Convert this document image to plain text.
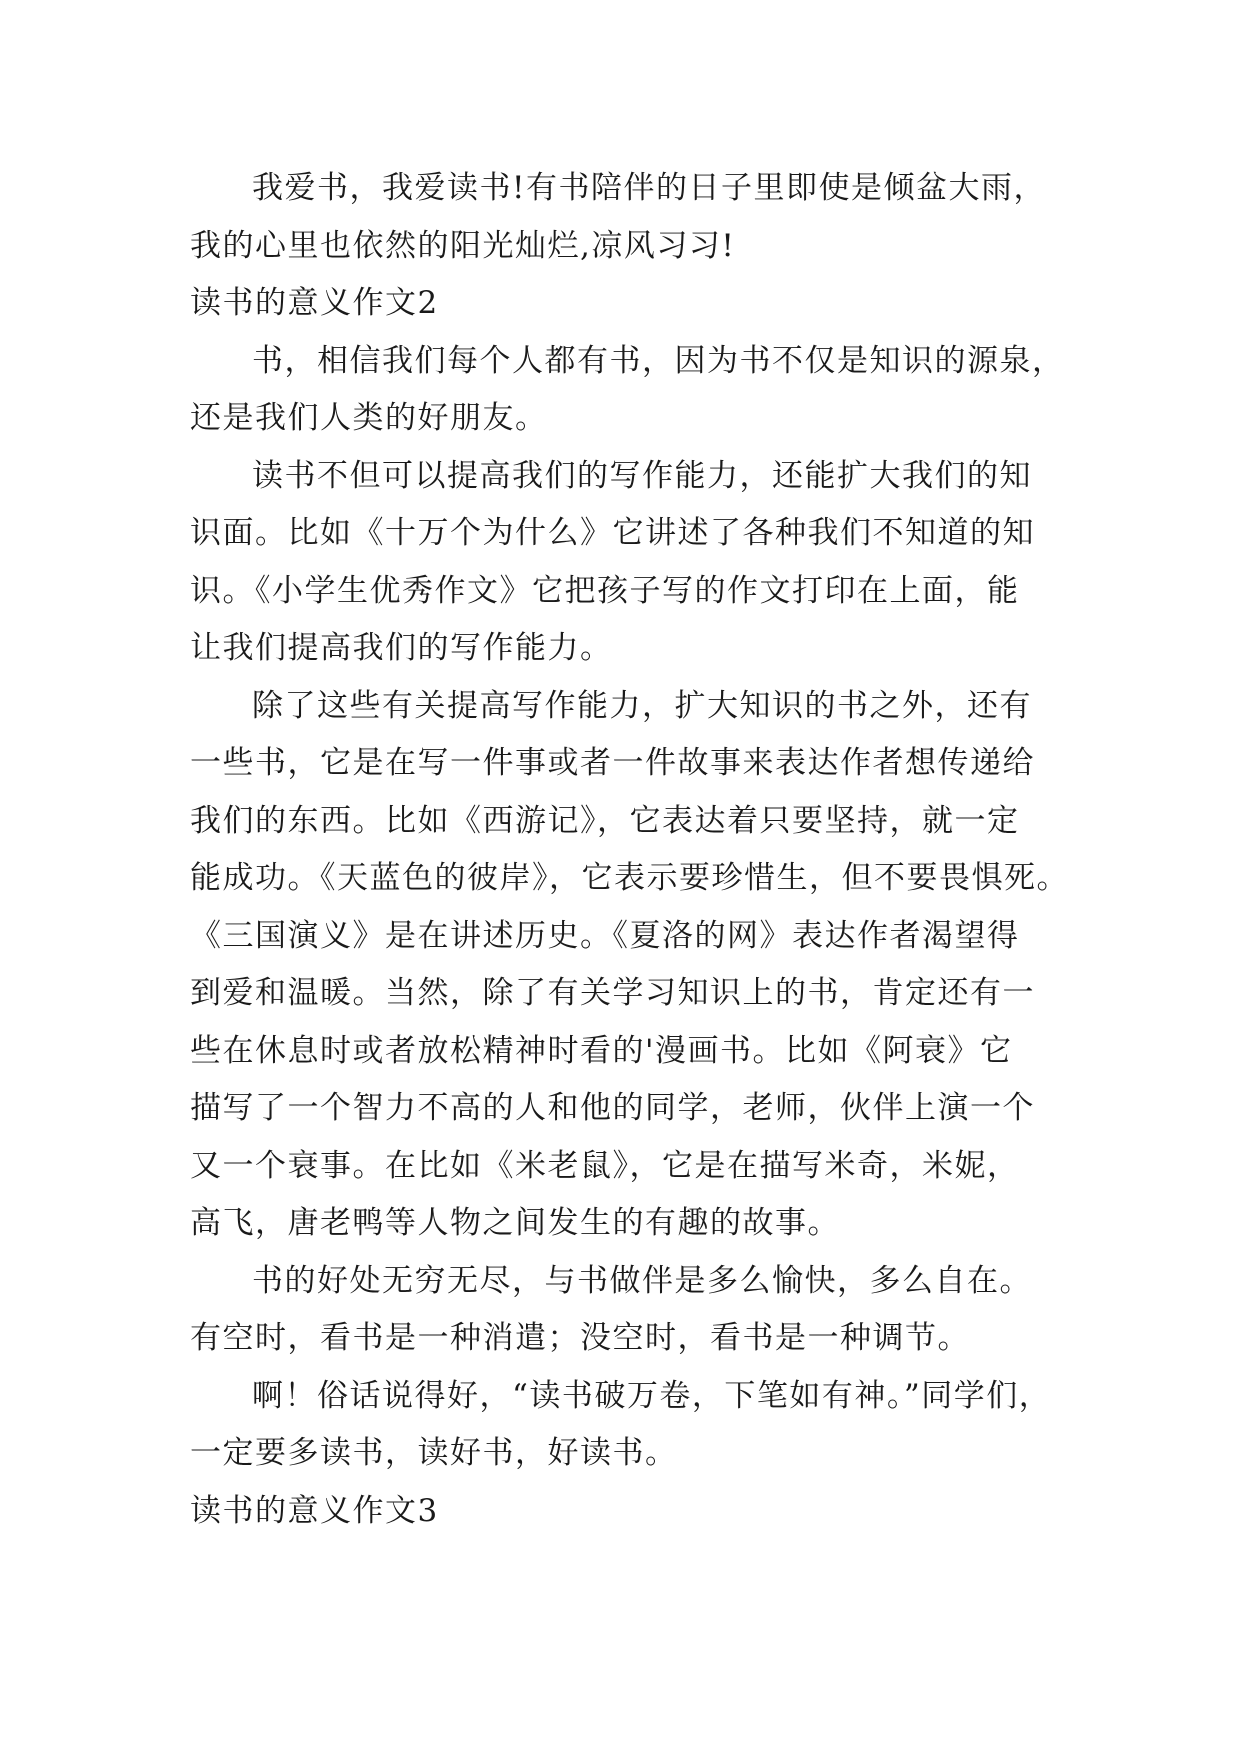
我爱书，我爱读书!有书陪伴的日子里即使是倾盆大雨，
我的心里也依然的阳光灿烂,凉风习习!

读书的意义作文2

书，相信我们每个人都有书，因为书不仅是知识的源泉，
还是我们人类的好朋友。

读书不但可以提高我们的写作能力，还能扩大我们的知
识面。比如《十万个为什么》它讲述了各种我们不知道的知
识。《小学生优秀作文》它把孩子写的作文打印在上面，能
让我们提高我们的写作能力。

除了这些有关提高写作能力，扩大知识的书之外，还有
一些书，它是在写一件事或者一件故事来表达作者想传递给
我们的东西。比如《西游记》，它表达着只要坚持，就一定
能成功。《天蓝色的彼岸》，它表示要珍惜生，但不要畏惧死。
《三国演义》是在讲述历史。《夏洛的网》表达作者渴望得
到爱和温暖。当然，除了有关学习知识上的书，肯定还有一
些在休息时或者放松精神时看的'漫画书。比如《阿衰》它
描写了一个智力不高的人和他的同学，老师，伙伴上演一个
又一个衰事。在比如《米老鼠》，它是在描写米奇，米妮，
高飞，唐老鸭等人物之间发生的有趣的故事。

书的好处无穷无尽，与书做伴是多么愉快，多么自在。
有空时，看书是一种消遣；没空时，看书是一种调节。

啊！俗话说得好，“读书破万卷，下笔如有神。”同学们，
一定要多读书，读好书，好读书。

读书的意义作文3
